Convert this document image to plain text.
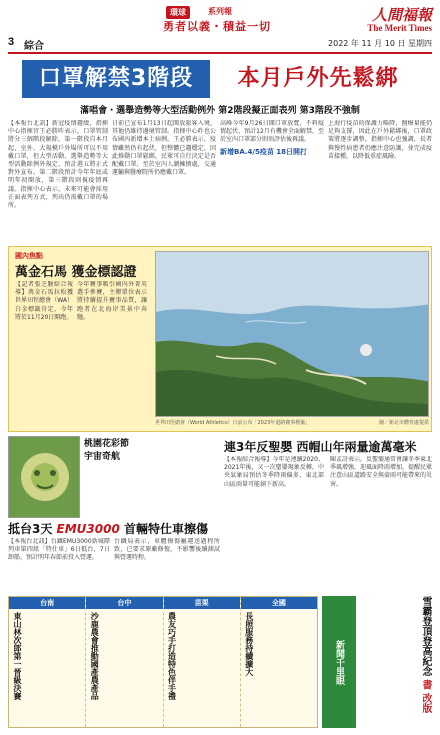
3 綜合
環球	系列報
勇者以義・積益一切
人間福報
The Merit Times
2022 年 11 月 10 日 星期四
口罩解禁3階段	本月戶外先鬆綁
滿唱會・選舉造勢等大型活動例外 第2階段擬正面表列 第3階段不強制
【本報台北訊】新冠疫情趨緩，指揮中心指揮官王必勝昨表示，口罩管制將分三個階段解除，第一階段自本月起，室外、大規模戶外場所可以不用戴口罩，但大型活動、選舉造勢等大型活動除例外規定，預計週五將正式對外宣布。第二階段預計今年年底或明年初開放，第三階段則視疫情再議。指揮中心表示，未來可能會採用正面表列方式，列出仍需戴口罩的場所。
日前已宣布1月13日起開放旅客入境，其他仍維持邊境管制。指揮中心昨也公布國內新增本土病例。王必勝表示，疫情雖然仍有起伏，但整體已趨穩定，因此推動口罩鬆綁，民眾可自行決定是否配戴口罩。至於室內人潮擁擠處，交通運輸與醫療院所仍應戴口罩。
高峰今年9月26日開口罩放寬，不料疫情起伏，預計12月有機會全面解禁，至於室內口罩部分則須評估後再議。
新增BA.4/5疫苗 18日開打
上海行疫苗的保護力略降，醫療量能仍足夠支撐，因此在戶外鬆綁後，口罩政策將逐步調整。指揮中心也強調，長者與慢性病患者仍應注意防護，並完成疫苗接種，以降低重症風險。
國內焦點
萬金石馬 獲金標認證
【記者張芝駿綜合報導】萬金石馬拉松獲世界田徑總會（WA）白金標籤肯定，今年將於11月20日開跑。
今年賽事吸引國內外菁英選手參賽，主辦單位表示將持續提升賽事品質，讓跑者在北海岸美景中奔馳。
世界田徑總會（World Athletics）日前公布「2023年道路賽事標籤」	圖／新北市體育處提供
桃園花彩節 宇宙奇航
連3年反聖嬰 西帽山年兩量逾萬毫米
【本報綜合報導】今年是連續2020、2021年後，又一次聖嬰現象反轉，中央氣象局預估冬季降雨偏多，東北部山區雨量可能創下新高。
陳孟詩表示，反聖嬰通常會讓冬季東北季風增強，迎風面降雨增加，提醒民眾注意山區道路安全與豪雨可能帶來的災害。
抵台3天 EMU3000 首輛特仕車擦傷
【本報台北訊】台鐵EMU3000新城際列車第四組「特仕車」6日抵台，7日卸船，預計明年春節前投入營運。
台鐵局表示，車體擦傷屬運送過程所致，已要求原廠修復，不影響後續測試與營運時程。
台南
東山林次郎第一晉級決賽
台中
沙鹿農會推動國產農產品
苗栗
農友巧手打造特色伴手禮
全國
長照服務持續擴大	新聞千里眼	雪霸登頂登高紀念 書 改版
